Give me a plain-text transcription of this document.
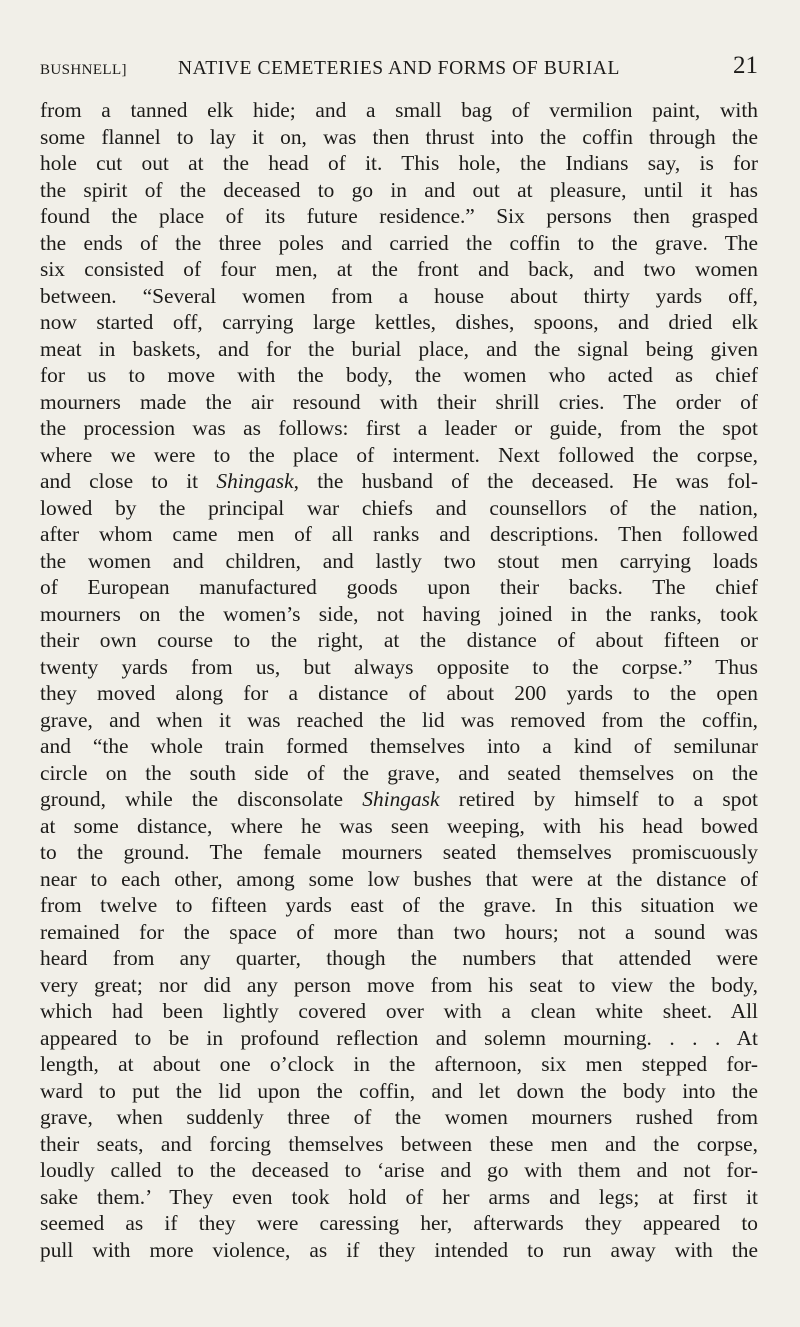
BUSHNELL]	NATIVE CEMETERIES AND FORMS OF BURIAL	21
from a tanned elk hide; and a small bag of vermilion paint, with
some flannel to lay it on, was then thrust into the coffin through the
hole cut out at the head of it. This hole, the Indians say, is for
the spirit of the deceased to go in and out at pleasure, until it has
found the place of its future residence.” Six persons then grasped
the ends of the three poles and carried the coffin to the grave. The
six consisted of four men, at the front and back, and two women
between. “Several women from a house about thirty yards off,
now started off, carrying large kettles, dishes, spoons, and dried elk
meat in baskets, and for the burial place, and the signal being given
for us to move with the body, the women who acted as chief
mourners made the air resound with their shrill cries. The order of
the procession was as follows: first a leader or guide, from the spot
where we were to the place of interment. Next followed the corpse,
and close to it Shingask, the husband of the deceased. He was fol-
lowed by the principal war chiefs and counsellors of the nation,
after whom came men of all ranks and descriptions. Then followed
the women and children, and lastly two stout men carrying loads
of European manufactured goods upon their backs. The chief
mourners on the women’s side, not having joined in the ranks, took
their own course to the right, at the distance of about fifteen or
twenty yards from us, but always opposite to the corpse.” Thus
they moved along for a distance of about 200 yards to the open
grave, and when it was reached the lid was removed from the coffin,
and “the whole train formed themselves into a kind of semilunar
circle on the south side of the grave, and seated themselves on the
ground, while the disconsolate Shingask retired by himself to a spot
at some distance, where he was seen weeping, with his head bowed
to the ground. The female mourners seated themselves promiscuously
near to each other, among some low bushes that were at the distance of
from twelve to fifteen yards east of the grave. In this situation we
remained for the space of more than two hours; not a sound was
heard from any quarter, though the numbers that attended were
very great; nor did any person move from his seat to view the body,
which had been lightly covered over with a clean white sheet. All
appeared to be in profound reflection and solemn mourning. . . . At
length, at about one o’clock in the afternoon, six men stepped for-
ward to put the lid upon the coffin, and let down the body into the
grave, when suddenly three of the women mourners rushed from
their seats, and forcing themselves between these men and the corpse,
loudly called to the deceased to ‘arise and go with them and not for-
sake them.’ They even took hold of her arms and legs; at first it
seemed as if they were caressing her, afterwards they appeared to
pull with more violence, as if they intended to run away with the
